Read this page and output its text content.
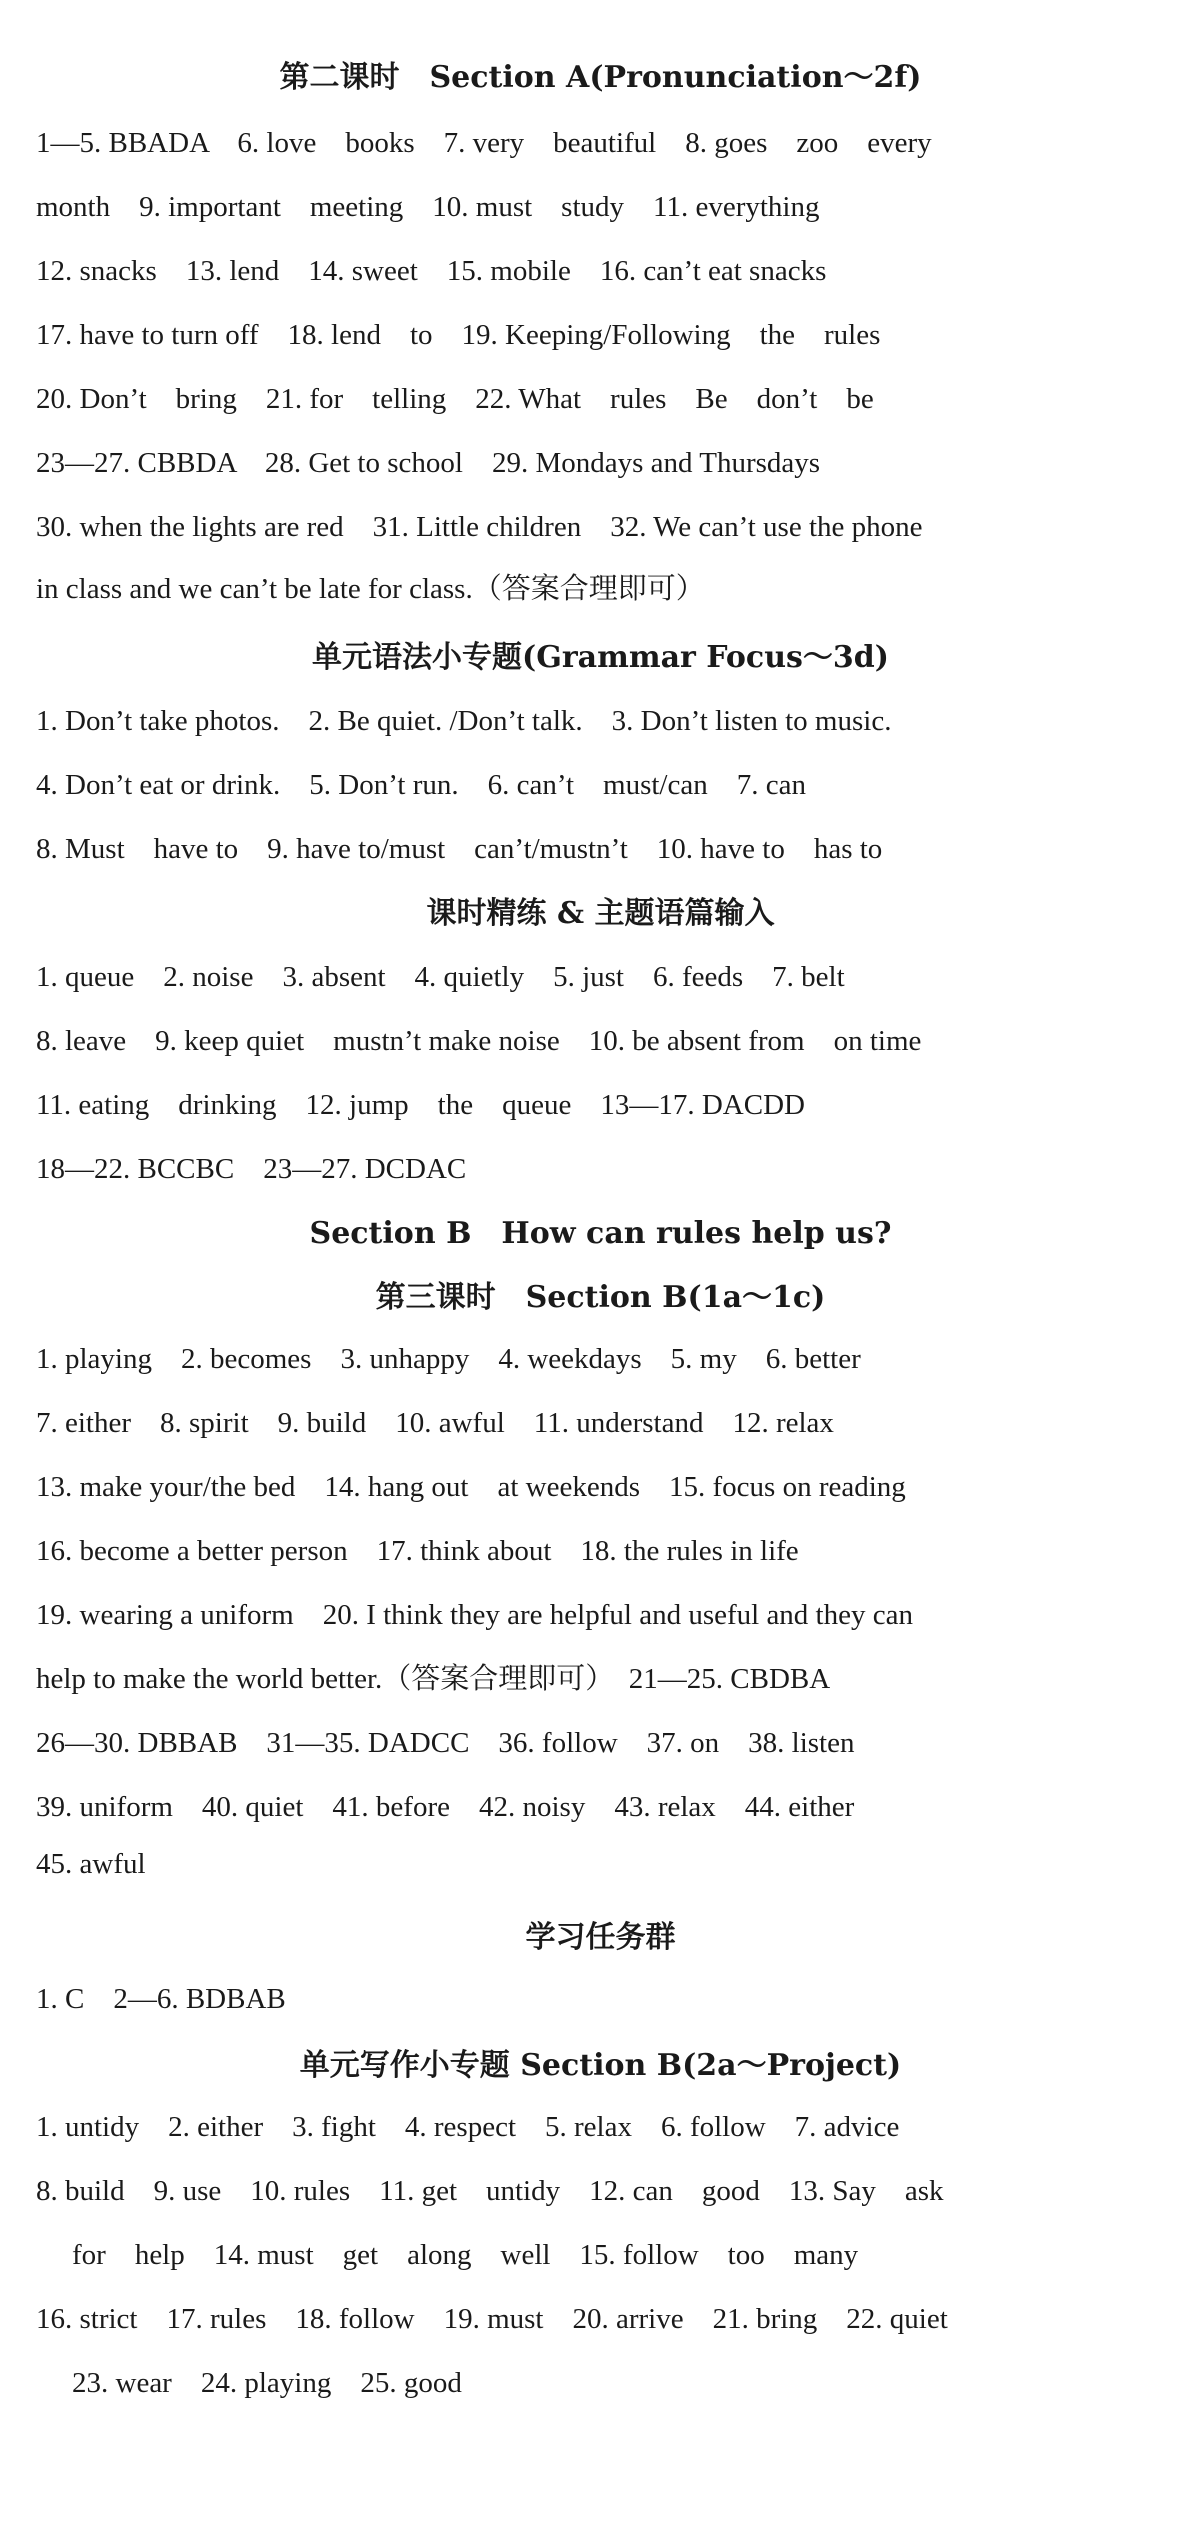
第二课时　Section A(Pronunciation～2f)
1—5. BBADA　6. love　books　7. very　beautiful　8. goes　zoo　every
month　9. important　meeting　10. must　study　11. everything
12. snacks　13. lend　14. sweet　15. mobile　16. can’t eat snacks
17. have to turn off　18. lend　to　19. Keeping/Following　the　rules
20. Don’t　bring　21. for　telling　22. What　rules　Be　don’t　be
23—27. CBBDA　28. Get to school　29. Mondays and Thursdays
30. when the lights are red　31. Little children　32. We can’t use the phone
in class and we can’t be late for class.（答案合理即可）
单元语法小专题(Grammar Focus～3d)
1. Don’t take photos.　2. Be quiet. /Don’t talk.　3. Don’t listen to music.
4. Don’t eat or drink.　5. Don’t run.　6. can’t　must/can　7. can
8. Must　have to　9. have to/must　can’t/mustn’t　10. have to　has to
课时精练 & 主题语篇输入
1. queue　2. noise　3. absent　4. quietly　5. just　6. feeds　7. belt
8. leave　9. keep quiet　mustn’t make noise　10. be absent from　on time
11. eating　drinking　12. jump　the　queue　13—17. DACDD
18—22. BCCBC　23—27. DCDAC
Section B　How can rules help us?
第三课时　Section B(1a～1c)
1. playing　2. becomes　3. unhappy　4. weekdays　5. my　6. better
7. either　8. spirit　9. build　10. awful　11. understand　12. relax
13. make your/the bed　14. hang out　at weekends　15. focus on reading
16. become a better person　17. think about　18. the rules in life
19. wearing a uniform　20. I think they are helpful and useful and they can
help to make the world better.（答案合理即可）　21—25. CBDBA
26—30. DBBAB　31—35. DADCC　36. follow　37. on　38. listen
39. uniform　40. quiet　41. before　42. noisy　43. relax　44. either
45. awful
学习任务群
1. C　2—6. BDBAB
单元写作小专题 Section B(2a～Project)
1. untidy　2. either　3. fight　4. respect　5. relax　6. follow　7. advice
8. build　9. use　10. rules　11. get　untidy　12. can　good　13. Say　ask
for　help　14. must　get　along　well　15. follow　too　many
16. strict　17. rules　18. follow　19. must　20. arrive　21. bring　22. quiet
23. wear　24. playing　25. good
